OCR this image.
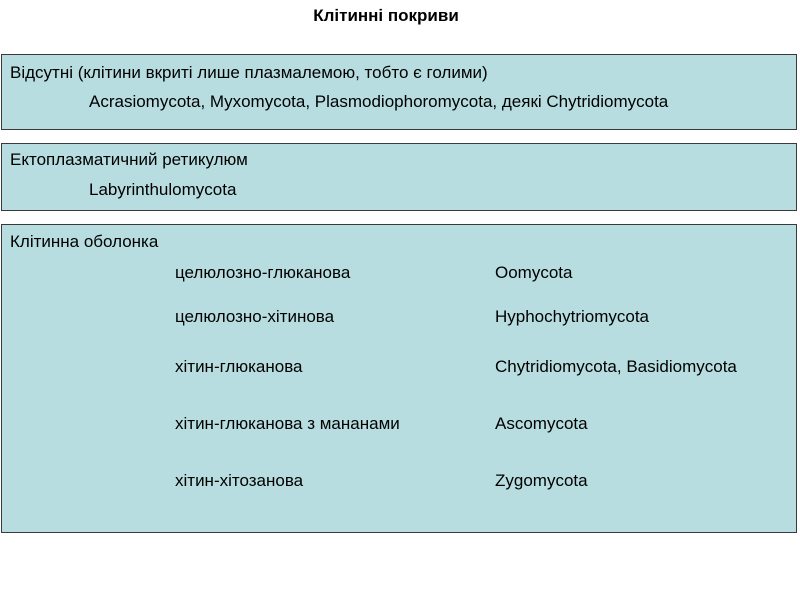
Клітинні покриви
Відсутні (клітини вкриті лише плазмалемою, тобто є голими)
Acrasiomycota, Myxomycota, Plasmodiophoromycota, деякі Chytridiomycota
Ектоплазматичний ретикулюм
Labyrinthulomycota
Клітинна оболонка
целюлозно-глюканова	Oomycota
целюлозно-хітинова	Hyphochytriomycota
хітин-глюканова	Chytridiomycota, Basidiomycota
хітин-глюканова з мананами	Ascomycota
хітин-хітозанова	Zygomycota
